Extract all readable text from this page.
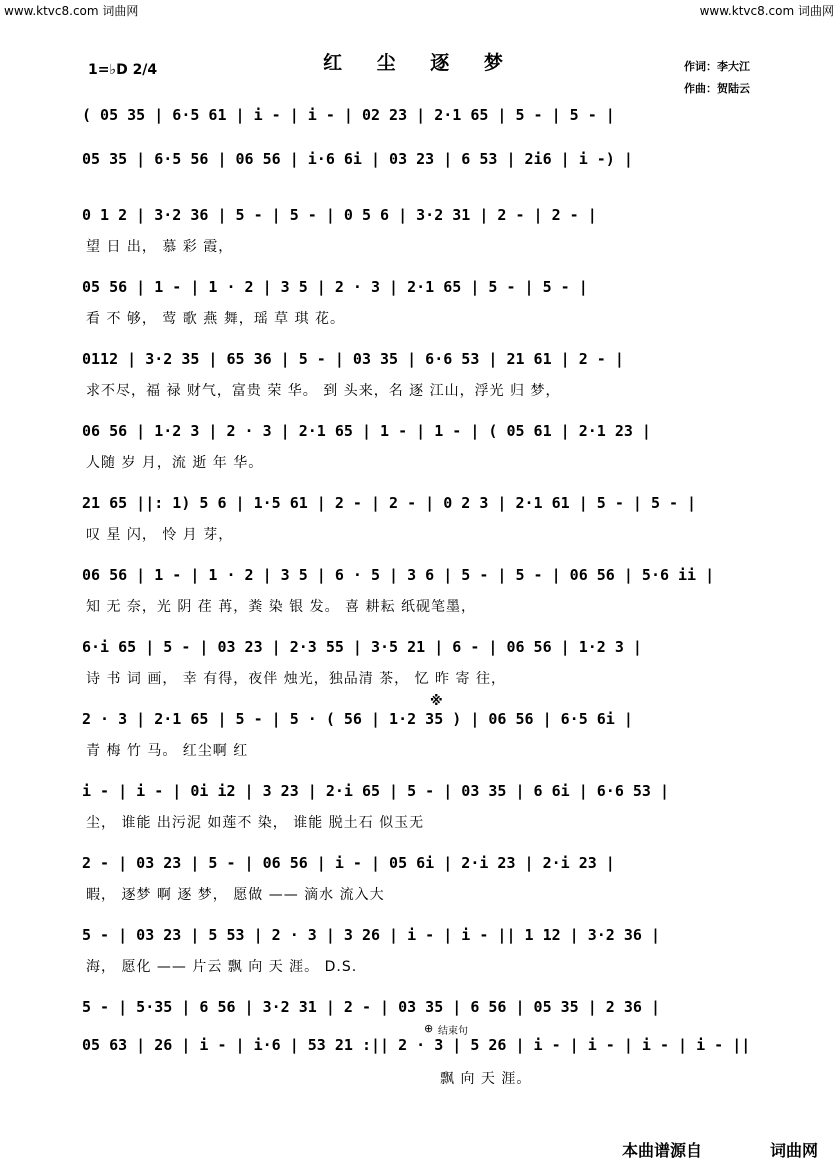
www.ktvc8.com 词曲网	www.ktvc8.com 词曲网
1=♭D 2/4	红 尘 逐 梦	作词：李大江
作曲：贺陆云
( 05 35 | 6·5 61 | i - | i - | 02 23 | 2·1 65 | 5 - | 5 - |
05 35 | 6·5 56 | 06 56 | i·6 6i | 03 23 | 6 53 | 2i6 | i -) |
0 1 2 | 3·2 36 | 5 - | 5 - | 0 5 6 | 3·2 31 | 2 - | 2 - |
望 日 出， 慕 彩 霞，
05 56 | 1 - | 1 · 2 | 3 5 | 2 · 3 | 2·1 65 | 5 - | 5 - |
看 不 够， 莺 歌 燕 舞，瑶 草 琪 花。
0112 | 3·2 35 | 65 36 | 5 - | 03 35 | 6·6 53 | 21 61 | 2 - |
求不尽，福 禄 财气，富贵 荣 华。 到 头来，名 逐 江山，浮光 归 梦，
06 56 | 1·2 3 | 2 · 3 | 2·1 65 | 1 - | 1 - | ( 05 61 | 2·1 23 |
人随 岁 月，流 逝 年 华。
21 65 ||: 1) 5 6 | 1·5 61 | 2 - | 2 - | 0 2 3 | 2·1 61 | 5 - | 5 - |
叹 星 闪， 怜 月 芽，
06 56 | 1 - | 1 · 2 | 3 5 | 6 · 5 | 3 6 | 5 - | 5 - | 06 56 | 5·6 ii |
知 无 奈，光 阴 荏 苒，粪 染 银 发。 喜 耕耘 纸砚笔墨，
6·i 65 | 5 - | 03 23 | 2·3 55 | 3·5 21 | 6 - | 06 56 | 1·2 3 |
诗 书 词 画， 幸 有得，夜伴 烛光，独品清 茶， 忆 昨 寄 往，
※
2 · 3 | 2·1 65 | 5 - | 5 · ( 56 | 1·2 35 ) | 06 56 | 6·5 6i |
青 梅 竹 马。 红尘啊 红
i - | i - | 0i i2 | 3 23 | 2·i 65 | 5 - | 03 35 | 6 6i | 6·6 53 |
尘， 谁能 出污泥 如莲不 染， 谁能 脱土石 似玉无
2 - | 03 23 | 5 - | 06 56 | i - | 05 6i | 2·i 23 | 2·i 23 |
暇， 逐梦 啊 逐 梦， 愿做 —— 滴水 流入大
5 - | 03 23 | 5 53 | 2 · 3 | 3 26 | i - | i - || 1 12 | 3·2 36 |
海， 愿化 —— 片云 飘 向 天 涯。 D.S.
5 - | 5·35 | 6 56 | 3·2 31 | 2 - | 03 35 | 6 56 | 05 35 | 2 36 |
⊕ 结束句
05 63 | 26 | i - | i·6 | 53 21 :|| 2 · 3 | 5 26 | i - | i - | i - | i - ||
飘 向 天 涯。
本曲谱源自	词曲网
